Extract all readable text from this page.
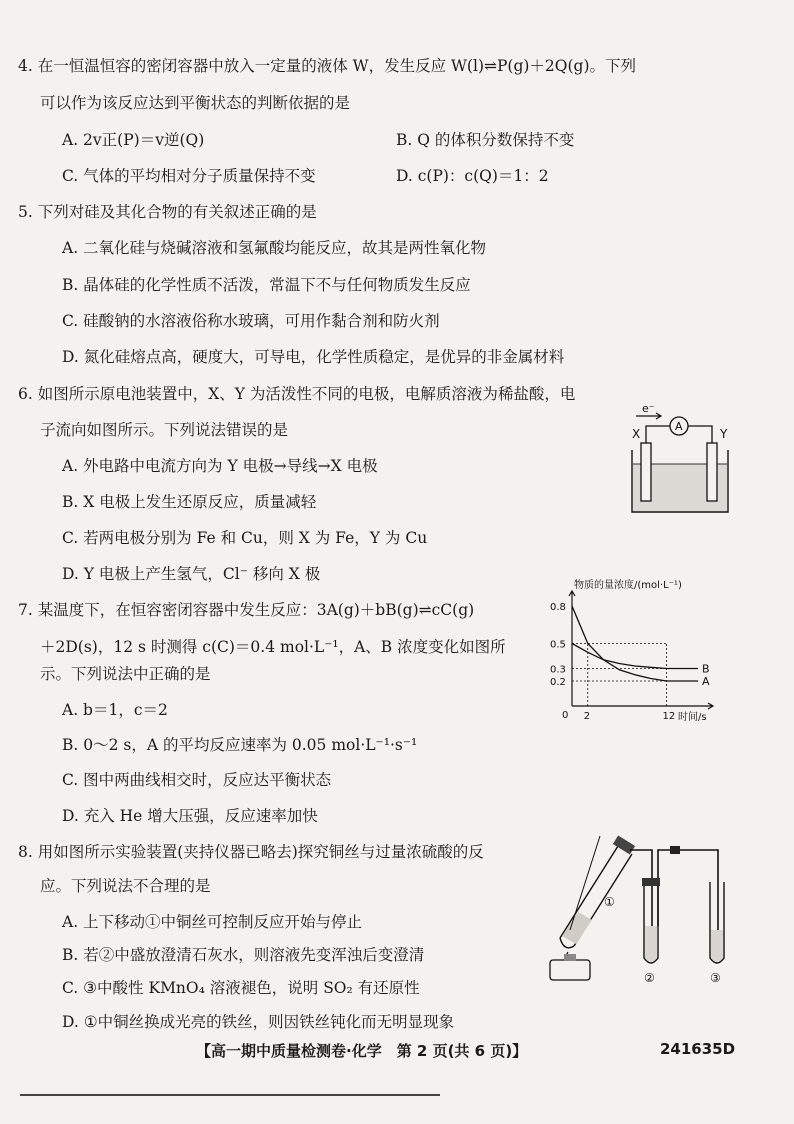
4. 在一恒温恒容的密闭容器中放入一定量的液体 W，发生反应 W(l)⇌P(g)＋2Q(g)。下列
可以作为该反应达到平衡状态的判断依据的是
A. 2v正(P)＝v逆(Q)	B. Q 的体积分数保持不变
C. 气体的平均相对分子质量保持不变	D. c(P)：c(Q)＝1：2
5. 下列对硅及其化合物的有关叙述正确的是
A. 二氧化硅与烧碱溶液和氢氟酸均能反应，故其是两性氧化物
B. 晶体硅的化学性质不活泼，常温下不与任何物质发生反应
C. 硅酸钠的水溶液俗称水玻璃，可用作黏合剂和防火剂
D. 氮化硅熔点高，硬度大，可导电，化学性质稳定，是优异的非金属材料
6. 如图所示原电池装置中，X、Y 为活泼性不同的电极，电解质溶液为稀盐酸，电
子流向如图所示。下列说法错误的是
A. 外电路中电流方向为 Y 电极→导线→X 电极
B. X 电极上发生还原反应，质量减轻
C. 若两电极分别为 Fe 和 Cu，则 X 为 Fe，Y 为 Cu
D. Y 电极上产生氢气，Cl⁻ 移向 X 极
e⁻
A
X	Y
7. 某温度下，在恒容密闭容器中发生反应：3A(g)＋bB(g)⇌cC(g)
＋2D(s)，12 s 时测得 c(C)＝0.4 mol·L⁻¹，A、B 浓度变化如图所
示。下列说法中正确的是
A. b＝1，c＝2
B. 0～2 s，A 的平均反应速率为 0.05 mol·L⁻¹·s⁻¹
C. 图中两曲线相交时，反应达平衡状态
D. 充入 He 增大压强，反应速率加快
物质的量浓度/(mol·L⁻¹)
时间/s
0.2
0.3
0.5
0.8
0 2	12
A
B
8. 用如图所示实验装置(夹持仪器已略去)探究铜丝与过量浓硫酸的反
应。下列说法不合理的是
A. 上下移动①中铜丝可控制反应开始与停止
B. 若②中盛放澄清石灰水，则溶液先变浑浊后变澄清
C. ③中酸性 KMnO₄ 溶液褪色，说明 SO₂ 有还原性
D. ①中铜丝换成光亮的铁丝，则因铁丝钝化而无明显现象
①
②	③
【高一期中质量检测卷·化学　第 2 页(共 6 页)】	241635D
